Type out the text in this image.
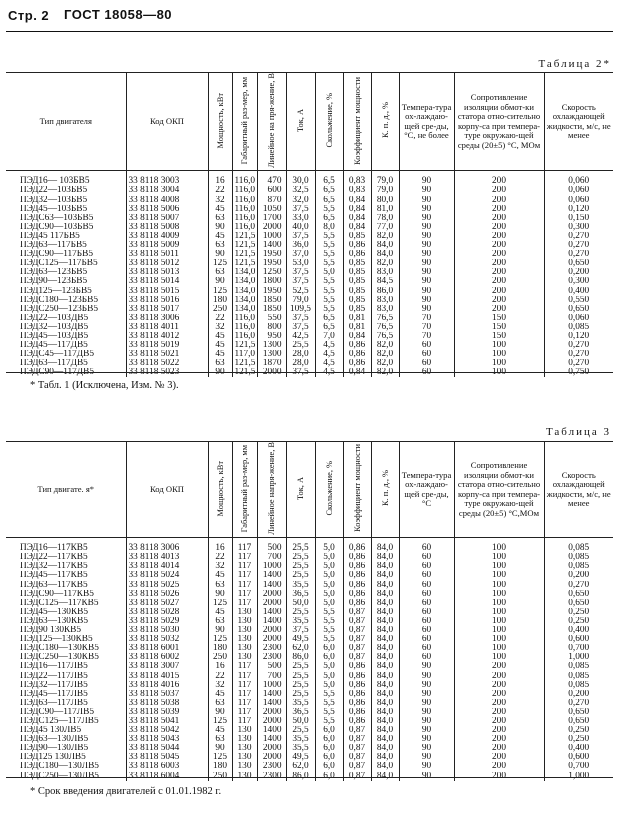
Стр. 2 ГОСТ 18058—80
Таблица 2*
Тип двигателя	Код ОКП	Мощность, кВт	Габаритный раз-мер, мм	Линейное на пря-жение, В	Ток, А	Скольжение, %	Коэффициент мощности	К. п. д., %	Темпера-тура ох-лаждаю-щей сре-ды, °С, не более	Сопротивление изоляции обмот-ки статора отно-сительно корпу-са при темпера-туре окружаю-щей среды (20±5) °С, МОм	Скорость охлаждающей жидкости, м/с, не менее
ПЭД16— 103БВ5	33 8118 3003	16	116,0	470	30,0	6,5	0,83	79,0	90	200	0,060
ПЭД22—103БВ5	33 8118 3004	22	116,0	600	32,5	6,5	0,83	79,0	90	200	0,060
ПЭД32—103БВ5	33 8118 4008	32	116,0	870	32,0	6,5	0,84	80,0	90	200	0,060
ПЭД45—103БВ5	33 8118 5006	45	116,0	1050	37,5	5,5	0,84	81,0	90	200	0,120
ПЭДС63—103БВ5	33 8118 5007	63	116,0	1700	33,0	6,5	0,84	78,0	90	200	0,150
ПЭДС90—103БВ5	33 8118 5008	90	116,0	2000	40,0	8,0	0,84	77,0	90	200	0,300
ПЭД45 117БВ5	33 8118 4009	45	121,5	1000	37,5	5,5	0,85	82,0	90	200	0,270
ПЭД63—117БВ5	33 8118 5009	63	121,5	1400	36,0	5,5	0,86	84,0	90	200	0,270
ПЭДС90—117БВ5	33 8118 5011	90	121,5	1950	37,0	5,5	0,86	84,0	90	200	0,270
ПЭДС125—117БВ5	33 8118 5012	125	121,5	1950	53,0	5,5	0,85	82,0	90	200	0,650
ПЭД63—123БВ5	33 8118 5013	63	134,0	1250	37,5	5,0	0,85	83,0	90	200	0,200
ПЭД90—123БВ5	33 8118 5014	90	134,0	1800	37,5	5,5	0,85	84,5	90	200	0,300
ПЭД125—123БВ5	33 8118 5015	125	134,0	1950	52,5	5,5	0,85	86,0	90	200	0,400
ПЭДС180—123БВ5	33 8118 5016	180	134,0	1850	79,0	5,5	0,85	83,0	90	200	0,550
ПЭДС250—123БВ5	33 8118 5017	250	134,0	1850	109,5	5,5	0,85	83,0	90	200	0,650
ПЭД22—103ДВ5	33 8118 3006	22	116,0	550	37,5	6,5	0,81	76,5	70	150	0,060
ПЭД32—103ДВ5	33 8118 4011	32	116,0	800	37,5	6,5	0,81	76,5	70	150	0,085
ПЭД45—103ДВ5	33 8118 4012	45	116,0	950	42,5	7,0	0,84	76,5	70	150	0,120
ПЭД45—117ДВ5	33 8118 5019	45	121,5	1300	25,5	4,5	0,86	82,0	60	100	0,270
ПЭДС45—117ДВ5	33 8118 5021	45	117,0	1300	28,0	4,5	0,86	82,0	60	100	0,270
ПЭД63—117ДВ5	33 8118 5022	63	121,5	1870	28,0	4,5	0,86	82,0	60	100	0,270
ПЭДС90—117ДВ5	33 8118 5023	90	121,5	2000	37,5	4,5	0,84	82,0	60	100	0,750
* Табл. 1 (Исключена, Изм. № 3).
Таблица 3
Тип двигате. я*	Код ОКП	Мощность, кВт	Габаритный раз-мер, мм	Линейное напря-жение, В	Ток, А	Скольжение, %	Коэффициент мощности	К. п. д., %	Темпера-тура ох-лаждаю-щей сре-ды, °С	Сопротивление изоляции обмот-ки статора отно-сительно корпу-са при темпера-туре окружаю-щей среды (20±5) °С,МОм	Скорость охлаждающей жидкости, м/с, не менее
ПЭД16—117КВ5	33 8118 3006	16	117	500	25,5	5,0	0,86	84,0	60	100	0,085
ПЭД22—117КВ5	33 8118 4013	22	117	700	25,5	5,0	0,86	84,0	60	100	0,085
ПЭД32—117КВ5	33 8118 4014	32	117	1000	25,5	5,0	0,86	84,0	60	100	0,085
ПЭД45—117КВ5	33 8118 5024	45	117	1400	25,5	5,0	0,86	84,0	60	100	0,200
ПЭД63—117КВ5	33 8118 5025	63	117	1400	35,5	5,0	0,86	84,0	60	100	0,270
ПЭДС90—117КВ5	33 8118 5026	90	117	2000	36,5	5,0	0,86	84,0	60	100	0,650
ПЭДС125—117КВ5	33 8118 5027	125	117	2000	50,0	5,0	0,86	84,0	60	100	0,650
ПЭД45—130КВ5	33 8118 5028	45	130	1400	25,5	5,5	0,87	84,0	60	100	0,250
ПЭД63—130КВ5	33 8118 5029	63	130	1400	35,5	5,5	0,87	84,0	60	100	0,250
ПЭД90 130КВ5	33 8118 5030	90	130	2000	37,5	5,5	0,87	84,0	60	100	0,400
ПЭД125—130КВ5	33 8118 5032	125	130	2000	49,5	5,5	0,87	84,0	60	100	0,600
ПЭДС180—130КВ5	33 8118 6001	180	130	2300	62,0	6,0	0,87	84,0	60	100	0,700
ПЭДС250—130КВ5	33 8118 6002	250	130	2300	86,0	6,0	0,87	84,0	60	100	1,000
ПЭД16—117ЛВ5	33 8118 3007	16	117	500	25,5	5,0	0,86	84,0	90	200	0,085
ПЭД22—117ЛВ5	33 8118 4015	22	117	700	25,5	5,0	0,86	84,0	90	200	0,085
ПЭД32—117ЛВ5	33 8118 4016	32	117	1000	25,5	5,0	0,86	84,0	90	200	0,085
ПЭД45—117ЛВ5	33 8118 5037	45	117	1400	25,5	5,5	0,86	84,0	90	200	0,200
ПЭД63—117ЛВ5	33 8118 5038	63	117	1400	35,5	5,5	0,86	84,0	90	200	0,270
ПЭДС90—117ЛВ5	33 8118 5039	90	117	2000	36,5	5,5	0,86	84,0	90	200	0,650
ПЭДС125—117ЛВ5	33 8118 5041	125	117	2000	50,0	5,5	0,86	84,0	90	200	0,650
ПЭД45 130ЛВ5	33 8118 5042	45	130	1400	25,5	6,0	0,87	84,0	90	200	0,250
ПЭД63—130ЛВ5	33 8118 5043	63	130	1400	35,5	6,0	0,87	84,0	90	200	0,250
ПЭД90—130ЛВ5	33 8118 5044	90	130	2000	35,5	6,0	0,87	84,0	90	200	0,400
ПЭД125 130ЛВ5	33 8118 5045	125	130	2000	49,5	6,0	0,87	84,0	90	200	0,600
ПЭДС180—130ЛВ5	33 8118 6003	180	130	2300	62,0	6,0	0,87	84,0	90	200	0,700
ПЭДС250—130ЛВ5	33 8118 6004	250	130	2300	86,0	6,0	0,87	84,0	90	200	1,000
* Срок введения двигателей с 01.01.1982 г.
